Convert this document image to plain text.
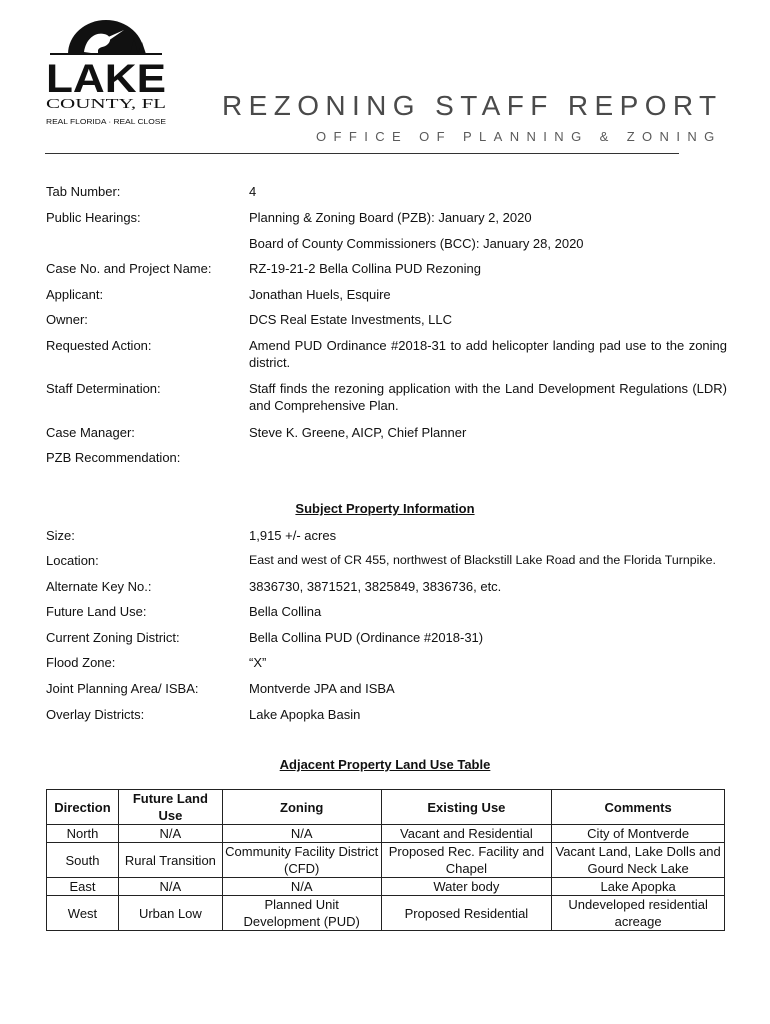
LAKE
COUNTY, FL
REAL FLORIDA · REAL CLOSE
REZONING STAFF REPORT
OFFICE OF PLANNING & ZONING
Tab Number:	4
Public Hearings:	Planning & Zoning Board (PZB): January 2, 2020
Board of County Commissioners (BCC): January 28, 2020
Case No. and Project Name:	RZ-19-21-2 Bella Collina PUD Rezoning
Applicant:	Jonathan Huels, Esquire
Owner:	DCS Real Estate Investments, LLC
Requested Action:	Amend PUD Ordinance #2018-31 to add helicopter landing pad use to the zoning district.
Staff Determination:	Staff finds the rezoning application with the Land Development Regulations (LDR) and Comprehensive Plan.
Case Manager:	Steve K. Greene, AICP, Chief Planner
PZB Recommendation:
Subject Property Information
Size:	1,915 +/- acres
Location:	East and west of CR 455, northwest of Blackstill Lake Road and the Florida Turnpike.
Alternate Key No.:	3836730, 3871521, 3825849, 3836736, etc.
Future Land Use:	Bella Collina
Current Zoning District:	Bella Collina PUD (Ordinance #2018-31)
Flood Zone:	“X”
Joint Planning Area/ ISBA:	Montverde JPA and ISBA
Overlay Districts:	Lake Apopka Basin
Adjacent Property Land Use Table
Direction	Future Land Use	Zoning	Existing Use	Comments
North	N/A	N/A	Vacant and Residential	City of Montverde
South	Rural Transition	Community Facility District (CFD)	Proposed Rec. Facility and Chapel	Vacant Land, Lake Dolls and Gourd Neck Lake
East	N/A	N/A	Water body	Lake Apopka
West	Urban Low	Planned Unit Development (PUD)	Proposed Residential	Undeveloped residential acreage
